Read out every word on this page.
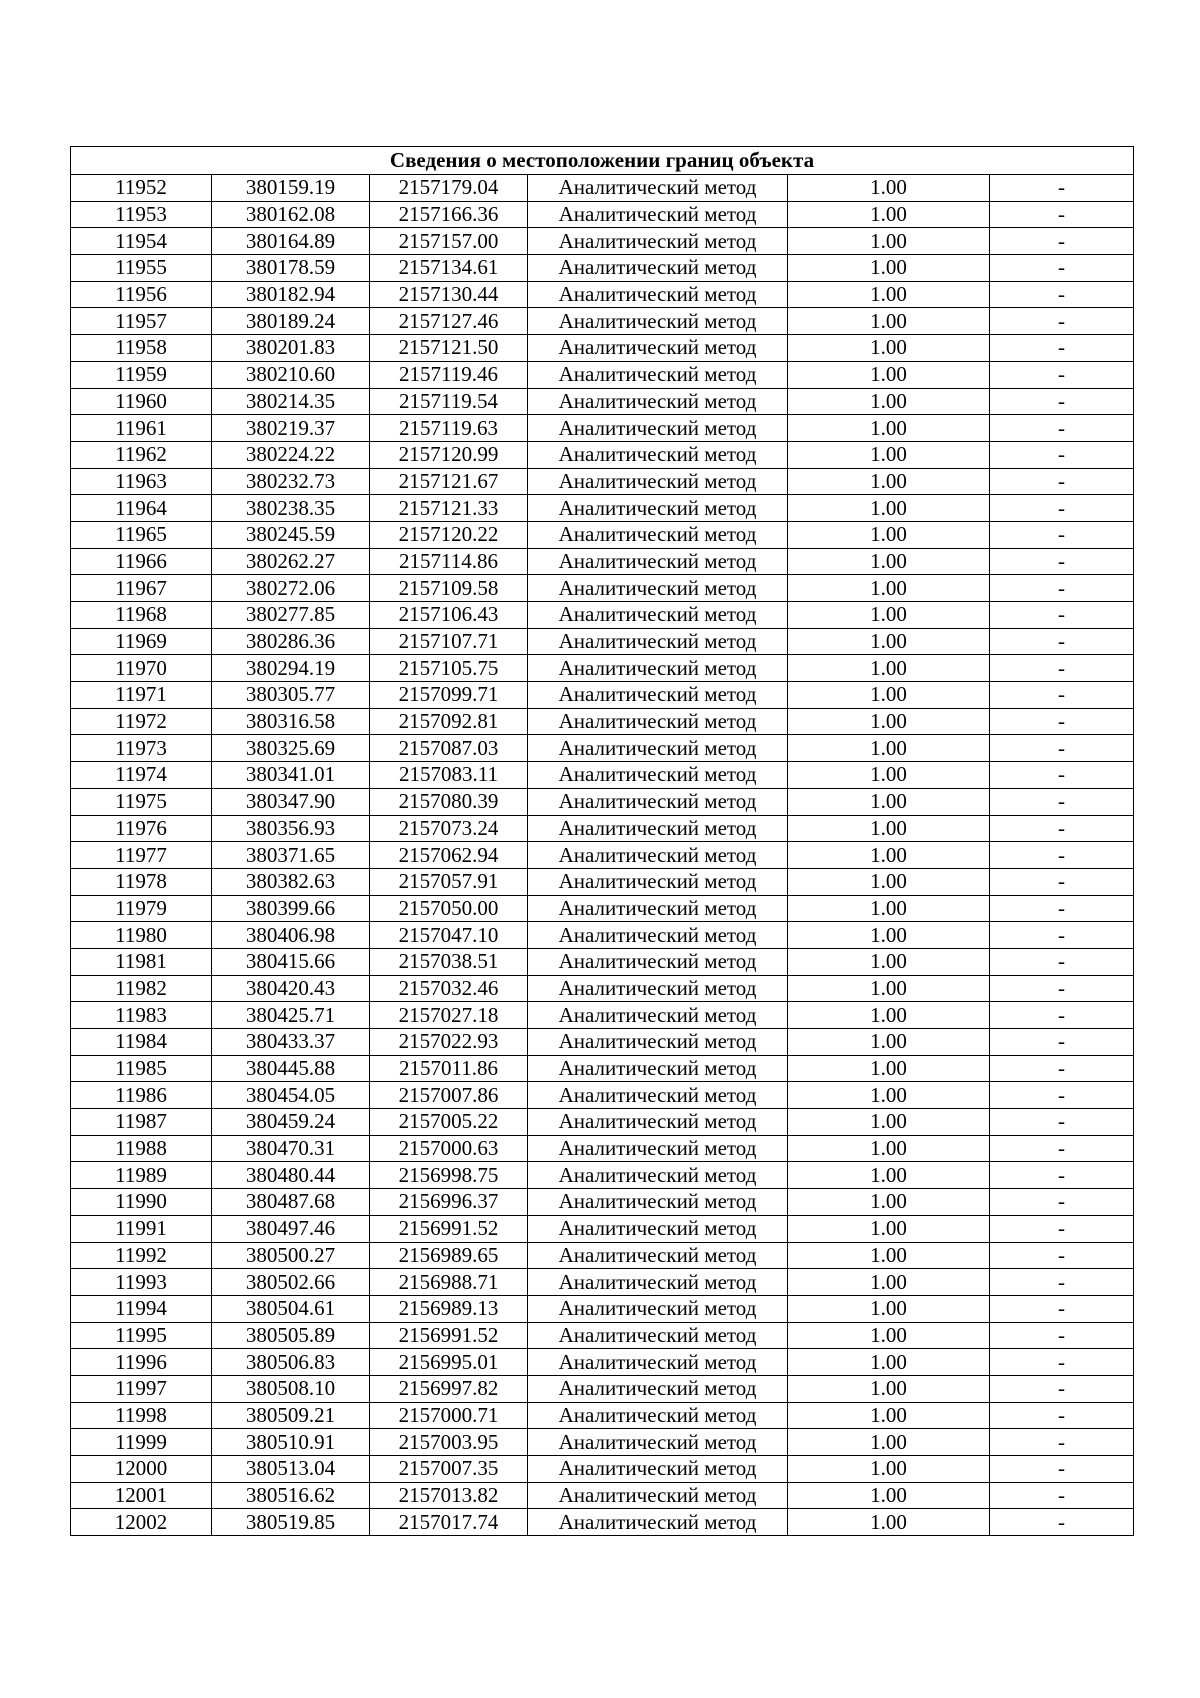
Сведения о местоположении границ объекта					
11952	380159.19	2157179.04	Аналитический метод	1.00	-
11953	380162.08	2157166.36	Аналитический метод	1.00	-
11954	380164.89	2157157.00	Аналитический метод	1.00	-
11955	380178.59	2157134.61	Аналитический метод	1.00	-
11956	380182.94	2157130.44	Аналитический метод	1.00	-
11957	380189.24	2157127.46	Аналитический метод	1.00	-
11958	380201.83	2157121.50	Аналитический метод	1.00	-
11959	380210.60	2157119.46	Аналитический метод	1.00	-
11960	380214.35	2157119.54	Аналитический метод	1.00	-
11961	380219.37	2157119.63	Аналитический метод	1.00	-
11962	380224.22	2157120.99	Аналитический метод	1.00	-
11963	380232.73	2157121.67	Аналитический метод	1.00	-
11964	380238.35	2157121.33	Аналитический метод	1.00	-
11965	380245.59	2157120.22	Аналитический метод	1.00	-
11966	380262.27	2157114.86	Аналитический метод	1.00	-
11967	380272.06	2157109.58	Аналитический метод	1.00	-
11968	380277.85	2157106.43	Аналитический метод	1.00	-
11969	380286.36	2157107.71	Аналитический метод	1.00	-
11970	380294.19	2157105.75	Аналитический метод	1.00	-
11971	380305.77	2157099.71	Аналитический метод	1.00	-
11972	380316.58	2157092.81	Аналитический метод	1.00	-
11973	380325.69	2157087.03	Аналитический метод	1.00	-
11974	380341.01	2157083.11	Аналитический метод	1.00	-
11975	380347.90	2157080.39	Аналитический метод	1.00	-
11976	380356.93	2157073.24	Аналитический метод	1.00	-
11977	380371.65	2157062.94	Аналитический метод	1.00	-
11978	380382.63	2157057.91	Аналитический метод	1.00	-
11979	380399.66	2157050.00	Аналитический метод	1.00	-
11980	380406.98	2157047.10	Аналитический метод	1.00	-
11981	380415.66	2157038.51	Аналитический метод	1.00	-
11982	380420.43	2157032.46	Аналитический метод	1.00	-
11983	380425.71	2157027.18	Аналитический метод	1.00	-
11984	380433.37	2157022.93	Аналитический метод	1.00	-
11985	380445.88	2157011.86	Аналитический метод	1.00	-
11986	380454.05	2157007.86	Аналитический метод	1.00	-
11987	380459.24	2157005.22	Аналитический метод	1.00	-
11988	380470.31	2157000.63	Аналитический метод	1.00	-
11989	380480.44	2156998.75	Аналитический метод	1.00	-
11990	380487.68	2156996.37	Аналитический метод	1.00	-
11991	380497.46	2156991.52	Аналитический метод	1.00	-
11992	380500.27	2156989.65	Аналитический метод	1.00	-
11993	380502.66	2156988.71	Аналитический метод	1.00	-
11994	380504.61	2156989.13	Аналитический метод	1.00	-
11995	380505.89	2156991.52	Аналитический метод	1.00	-
11996	380506.83	2156995.01	Аналитический метод	1.00	-
11997	380508.10	2156997.82	Аналитический метод	1.00	-
11998	380509.21	2157000.71	Аналитический метод	1.00	-
11999	380510.91	2157003.95	Аналитический метод	1.00	-
12000	380513.04	2157007.35	Аналитический метод	1.00	-
12001	380516.62	2157013.82	Аналитический метод	1.00	-
12002	380519.85	2157017.74	Аналитический метод	1.00	-
